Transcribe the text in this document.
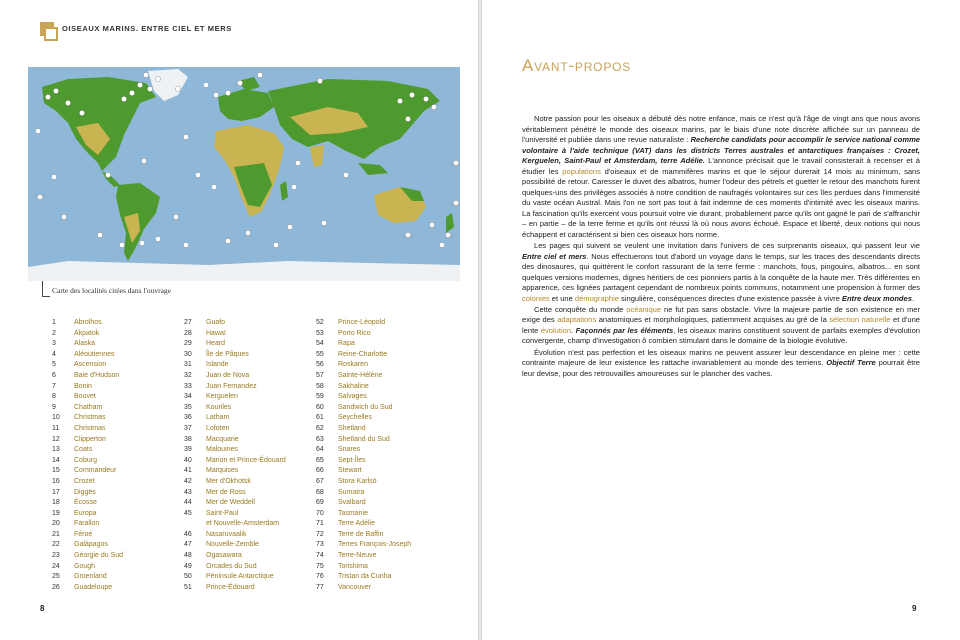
OISEAUX MARINS. ENTRE CIEL ET MERS
Carte des localités citées dans l'ouvrage
1	Abrolhos
2	Akpatok
3	Alaska
4	Aléoutiennes
5	Ascension
6	Baie d'Hudson
7	Bonin
8	Bouvet
9	Chatham
10	Christmas
11	Christmas
12	Clipperton
13	Coats
14	Coburg
15	Commandeur
16	Crozet
17	Diggës
18	Écosse
19	Europa
20	Farallon
21	Féroé
22	Galápagos
23	Géorgie du Sud
24	Gough
25	Groenland
26	Guadeloupe
27	Guafo
28	Hawaï
29	Heard
30	Île de Pâques
31	Islande
32	Juan de Nova
33	Juan Fernandez
34	Kerguelen
35	Kouriles
36	Latham
37	Lofoten
38	Macquarie
39	Malouines
40	Marion et Prince-Édouard
41	Marquises
42	Mer d'Okhotsk
43	Mer de Ross
44	Mer de Weddell
45	Saint-Paul
et Nouvelle-Amsterdam
46	Nasaruvaalik
47	Nouvelle-Zemble
48	Ogasawara
49	Orcades du Sud
50	Péninsule Antarctique
51	Prince-Édouard
52	Prince-Léopold
53	Porto Rico
54	Rapa
55	Reine-Charlotte
56	Roskaren
57	Sainte-Hélène
58	Sakhaline
59	Salvages
60	Sandwich du Sud
61	Seychelles
62	Shetland
63	Shetland du Sud
64	Snares
65	Sept-Îles
66	Stewart
67	Stora Karlsö
68	Sumatra
69	Svalbard
70	Tasmanie
71	Terre Adélie
72	Terre de Baffin
73	Terres François-Joseph
74	Terre-Neuve
75	Torishima
76	Tristan da Cunha
77	Vancouver
8
Avant-propos

Notre passion pour les oiseaux a débuté dès notre enfance, mais ce n'est qu'à l'âge de vingt ans que nous avons véritablement pénétré le monde des oiseaux marins, par le biais d'une note discrète affichée sur un panneau de l'université et publiée dans une revue naturaliste : Recherche candidats pour accomplir le service national comme volontaire à l'aide technique (VAT) dans les districts Terres australes et antarctiques françaises : Crozet, Kerguelen, Saint-Paul et Amsterdam, terre Adélie. L'annonce précisait que le travail consisterait à recenser et à étudier les populations d'oiseaux et de mammifères marins et que le séjour durerait 14 mois au minimum, sans possibilité de retour. Caresser le duvet des albatros, humer l'odeur des pétrels et guetter le retour des manchots furent quelques-uns des privilèges associés à notre condition de naufragés volontaires sur ces îles perdues dans l'immensité du vaste océan Austral. Mais l'on ne sort pas tout à fait indemne de ces moments d'intimité avec les oiseaux marins. La fascination qu'ils exercent vous poursuit votre vie durant, probablement parce qu'ils ont gagné le pari de s'affranchir – en partie – de la terre ferme et qu'ils ont réussi là où nous avons échoué. Espace et liberté, deux notions qui nous échappent et caractérisent si bien ces oiseaux hors norme.

Les pages qui suivent se veulent une invitation dans l'univers de ces surprenants oiseaux, qui passent leur vie Entre ciel et mers. Nous effectuerons tout d'abord un voyage dans le temps, sur les traces des descendants directs des dinosaures, qui quittèrent le confort rassurant de la terre ferme : manchots, fous, pingouins, albatros... en sont quelques versions modernes, dignes héritiers de ces pionniers partis à la conquête de la haute mer. Très différentes en apparence, ces lignées partagent cependant de nombreux points communs, notamment une propension à former des colonies et une démographie singulière, conséquences directes d'une existence passée à vivre Entre deux mondes.

Cette conquête du monde océanique ne fut pas sans obstacle. Vivre la majeure partie de son existence en mer exige des adaptations anatomiques et morphologiques, patiemment acquises au gré de la sélection naturelle et d'une lente évolution. Façonnés par les éléments, les oiseaux marins constituent souvent de parfaits exemples d'évolution convergente, champ d'investigation ô combien stimulant dans le domaine de la biologie évolutive.

Évolution n'est pas perfection et les oiseaux marins ne peuvent assurer leur descendance en pleine mer : cette contrainte majeure de leur existence les rattache invariablement au monde des terriens. Objectif Terre pourrait être leur devise, pour des retrouvailles amoureuses sur le plancher des vaches.

9
